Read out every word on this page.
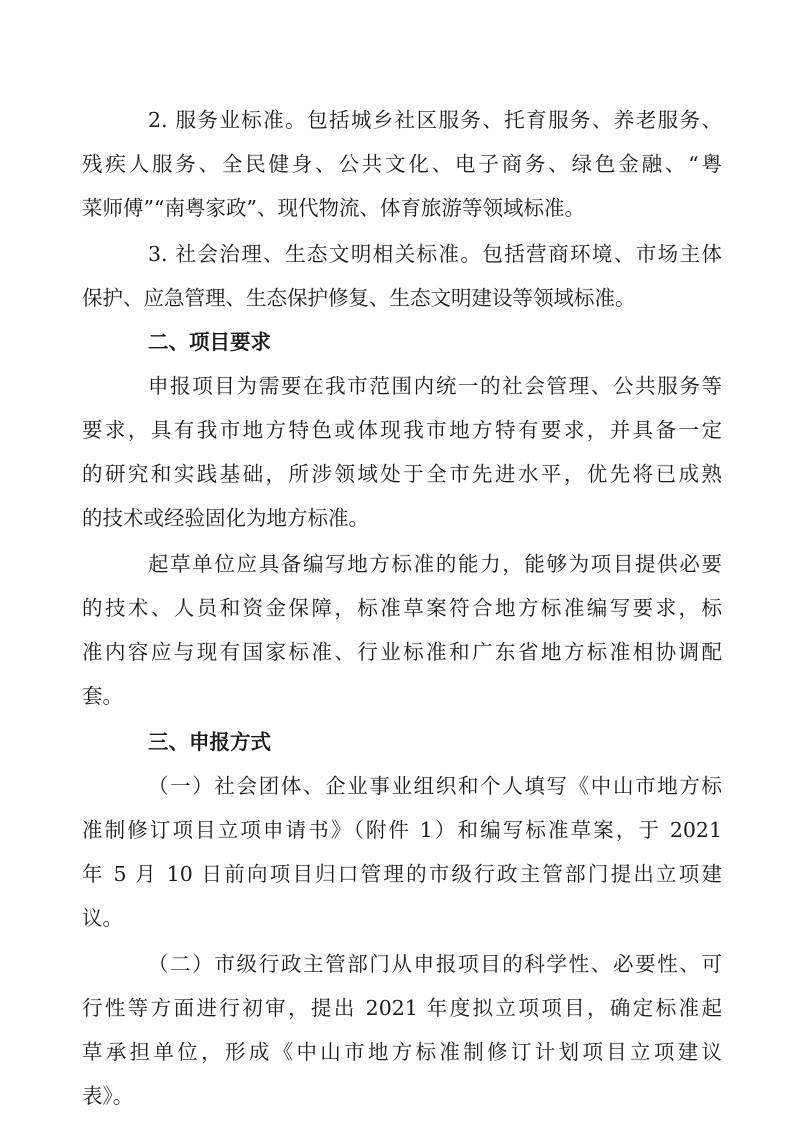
2. 服务业标准。包括城乡社区服务、托育服务、养老服务、
残疾人服务、全民健身、公共文化、电子商务、绿色金融、“粤
菜师傅”“南粤家政”、现代物流、体育旅游等领域标准。
3. 社会治理、生态文明相关标准。包括营商环境、市场主体
保护、应急管理、生态保护修复、生态文明建设等领域标准。
二、项目要求
申报项目为需要在我市范围内统一的社会管理、公共服务等
要求，具有我市地方特色或体现我市地方特有要求，并具备一定
的研究和实践基础，所涉领域处于全市先进水平，优先将已成熟
的技术或经验固化为地方标准。
起草单位应具备编写地方标准的能力，能够为项目提供必要
的技术、人员和资金保障，标准草案符合地方标准编写要求，标
准内容应与现有国家标准、行业标准和广东省地方标准相协调配
套。
三、申报方式
（一）社会团体、企业事业组织和个人填写《中山市地方标
准制修订项目立项申请书》（附件 1）和编写标准草案，于 2021
年 5 月 10 日前向项目归口管理的市级行政主管部门提出立项建
议。
（二）市级行政主管部门从申报项目的科学性、必要性、可
行性等方面进行初审，提出 2021 年度拟立项项目，确定标准起
草承担单位，形成《中山市地方标准制修订计划项目立项建议
表》。
